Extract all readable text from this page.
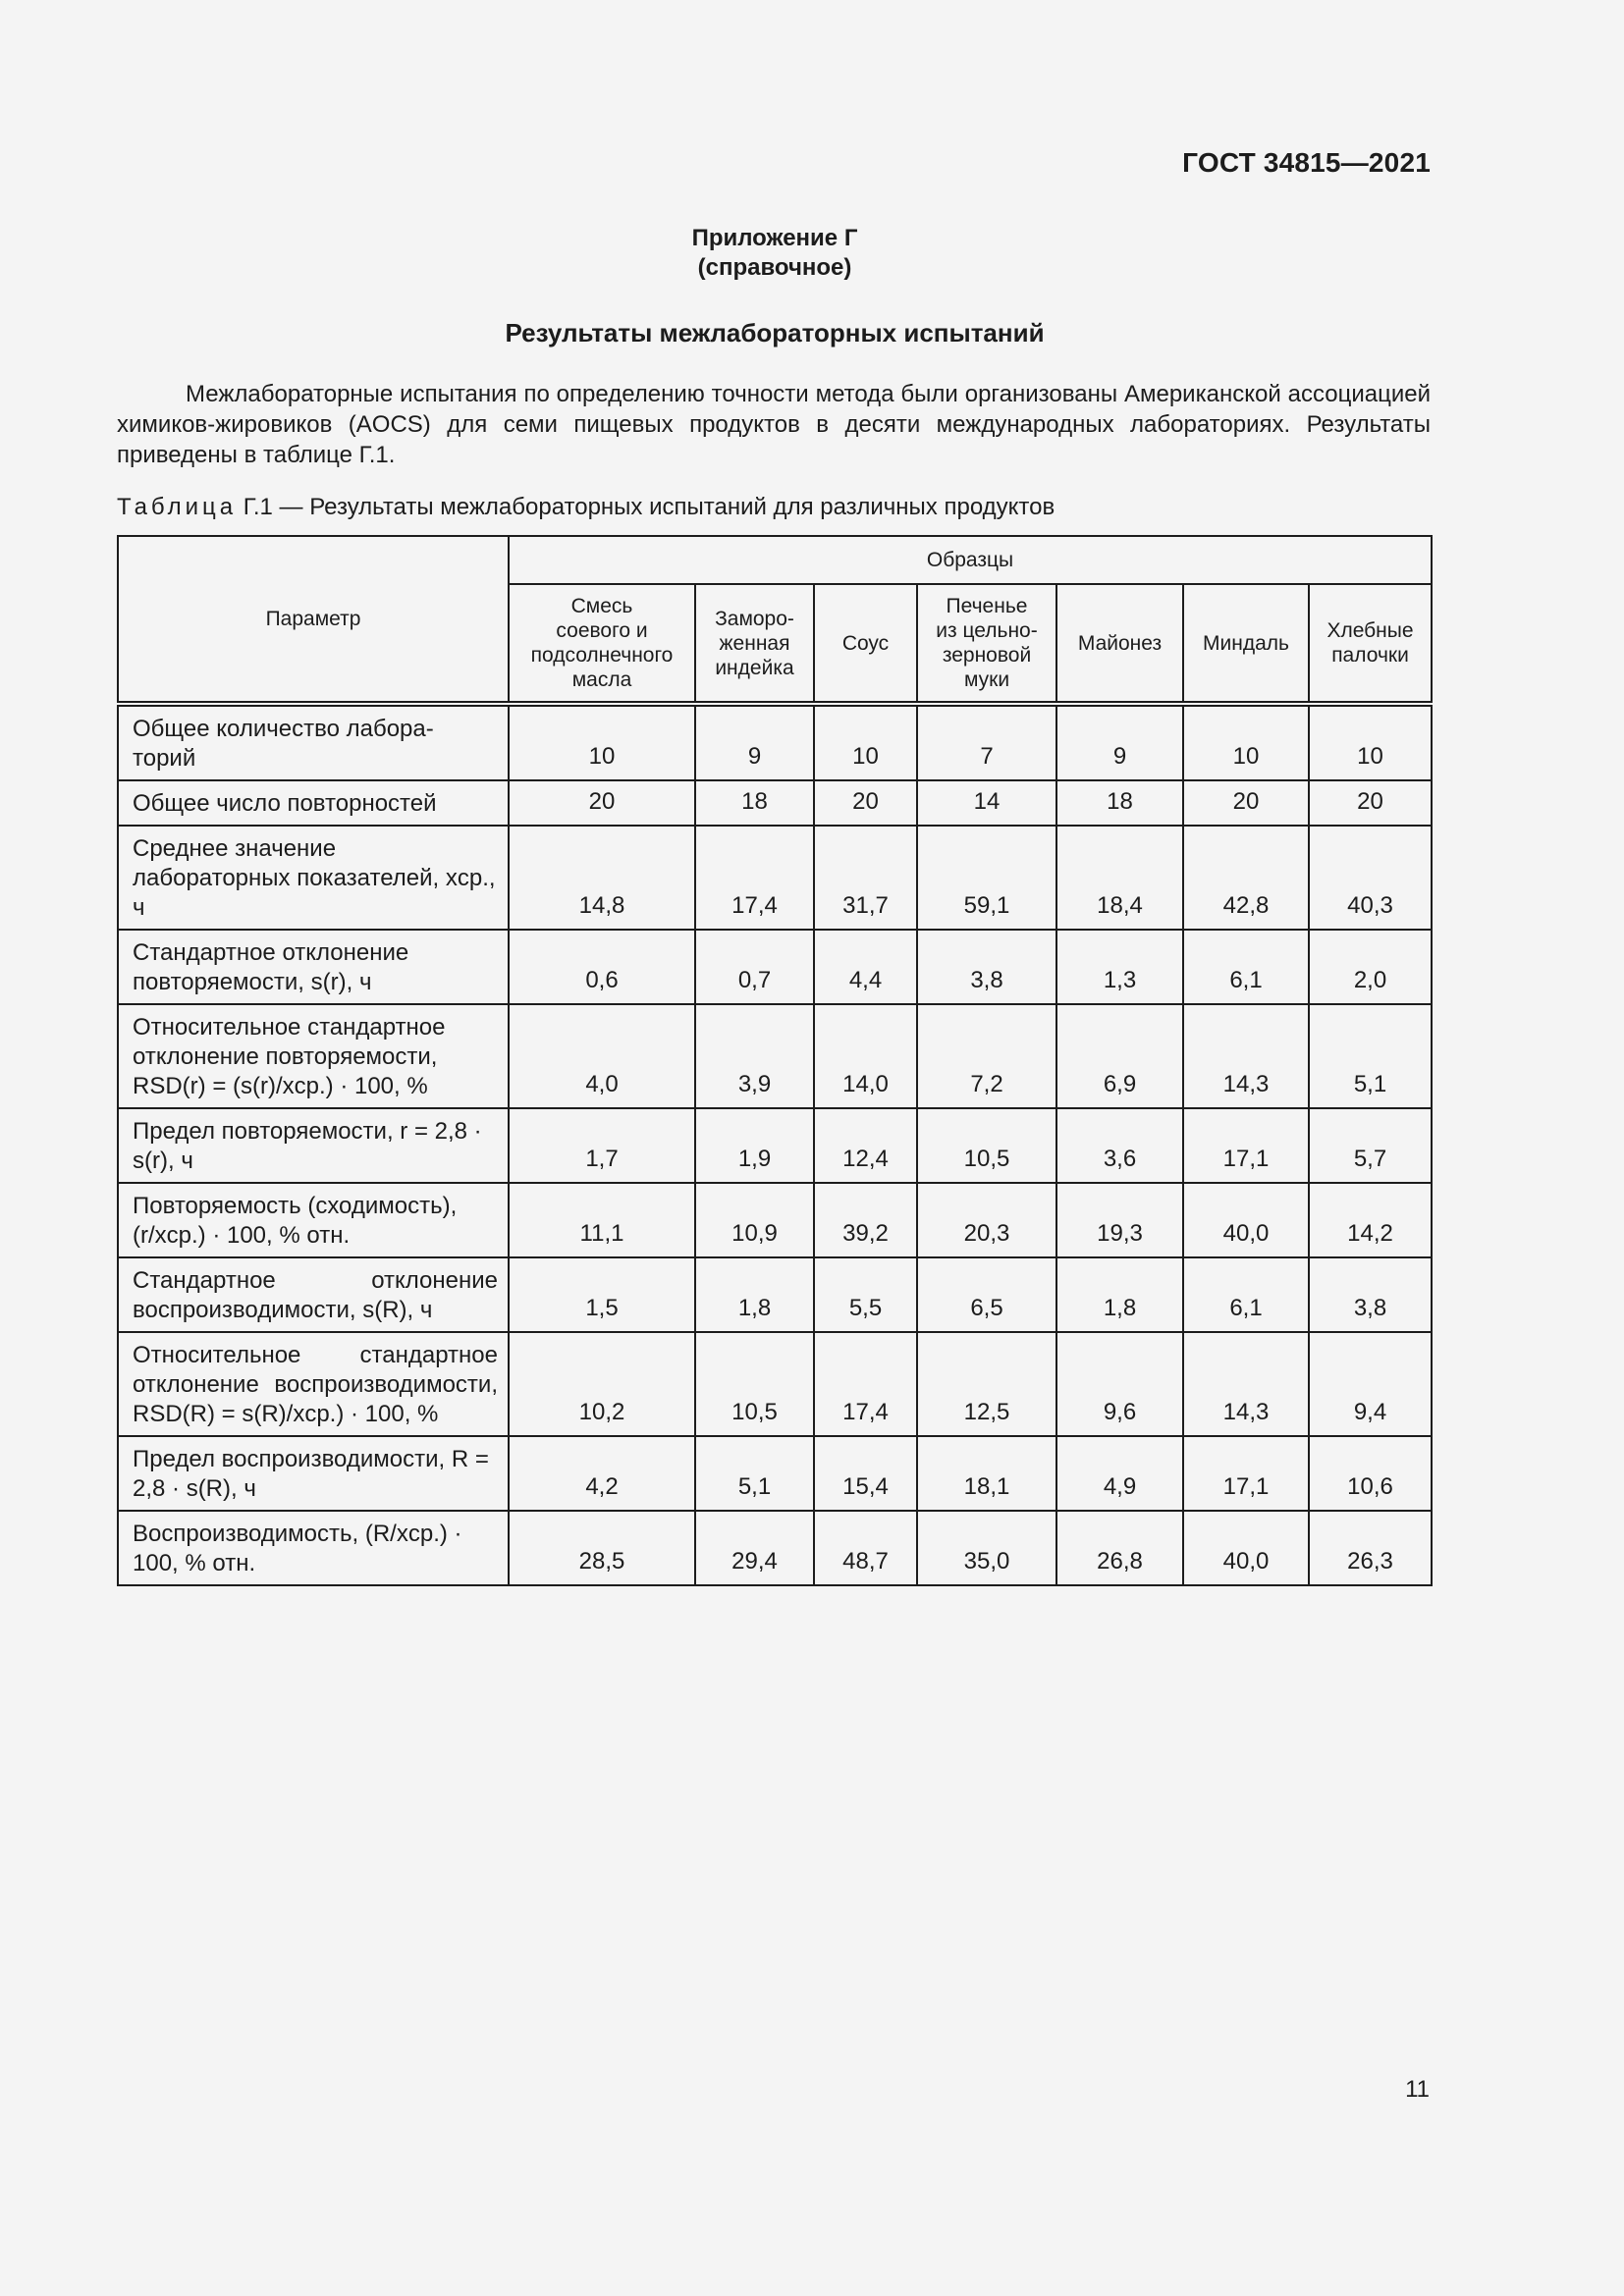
ГОСТ 34815—2021
Приложение Г
(справочное)
Результаты межлабораторных испытаний

Межлабораторные испытания по определению точности метода были организованы Американской ассоциацией химиков-жировиков (AOCS) для семи пищевых продуктов в десяти международных лабораториях. Результаты приведены в таблице Г.1.

Таблица Г.1 — Результаты межлабораторных испытаний для различных продуктов
Параметр	Образцы						
	Смесь
соевого и
подсолнечного
масла	Заморо-
женная
индейка	Соус	Печенье
из цельно-
зерновой
муки	Майонез	Миндаль	Хлебные
палочки
Общее количество лабора-
торий	10	9	10	7	9	10	10
Общее число повторностей	20	18	20	14	18	20	20
Среднее значение лабораторных показателей, xср., ч	14,8	17,4	31,7	59,1	18,4	42,8	40,3
Стандартное отклонение повторяемости, s(r), ч	0,6	0,7	4,4	3,8	1,3	6,1	2,0
Относительное стандартное отклонение повторяемости, RSD(r) = (s(r)/xср.) · 100, %	4,0	3,9	14,0	7,2	6,9	14,3	5,1
Предел повторяемости, r = 2,8 · s(r), ч	1,7	1,9	12,4	10,5	3,6	17,1	5,7
Повторяемость (сходимость), (r/xср.) · 100, % отн.	11,1	10,9	39,2	20,3	19,3	40,0	14,2
Стандартное отклонение воспроизводимости, s(R), ч	1,5	1,8	5,5	6,5	1,8	6,1	3,8
Относительное стандартное отклонение воспроизводимости, RSD(R) = s(R)/xср.) · 100, %	10,2	10,5	17,4	12,5	9,6	14,3	9,4
Предел воспроизводимости, R = 2,8 · s(R), ч	4,2	5,1	15,4	18,1	4,9	17,1	10,6
Воспроизводимость, (R/xср.) · 100, % отн.	28,5	29,4	48,7	35,0	26,8	40,0	26,3
11
